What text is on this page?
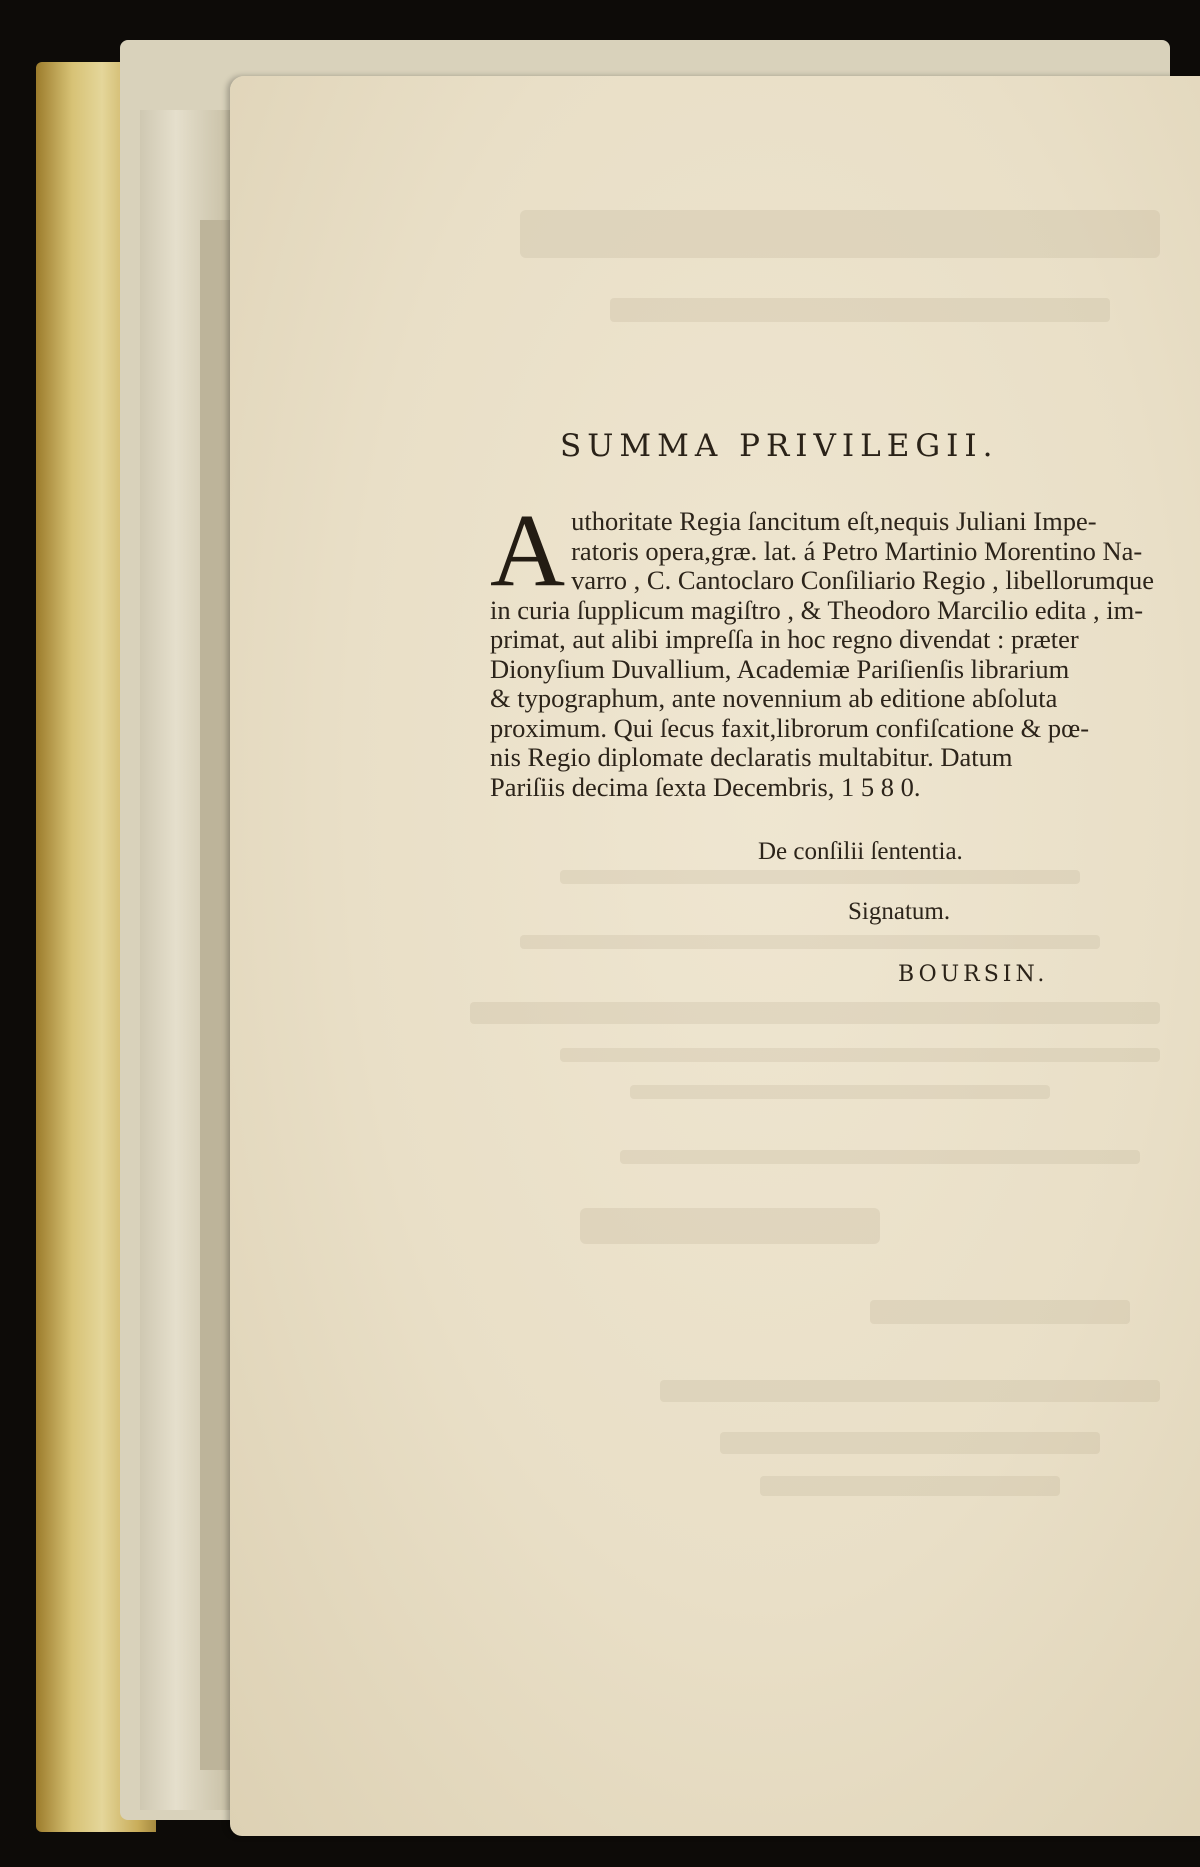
SUMMA PRIVILEGII.
A uthoritate Regia ſancitum eſt,nequis Juliani Impe-
ratoris opera,græ. lat. á Petro Martinio Morentino Na-
varro , C. Cantoclaro Conſiliario Regio , libellorumque
in curia ſupplicum magiſtro , & Theodoro Marcilio edita , im-
primat, aut alibi impreſſa in hoc regno divendat : præter
Dionyſium Duvallium, Academiæ Pariſienſis librarium
& typographum, ante novennium ab editione abſoluta
proximum. Qui ſecus faxit,librorum confiſcatione & pœ-
nis Regio diplomate declaratis multabitur. Datum
Pariſiis decima ſexta Decembris, 1 5 8 0.
De conſilii ſententia.
Signatum.
BOURSIN.
